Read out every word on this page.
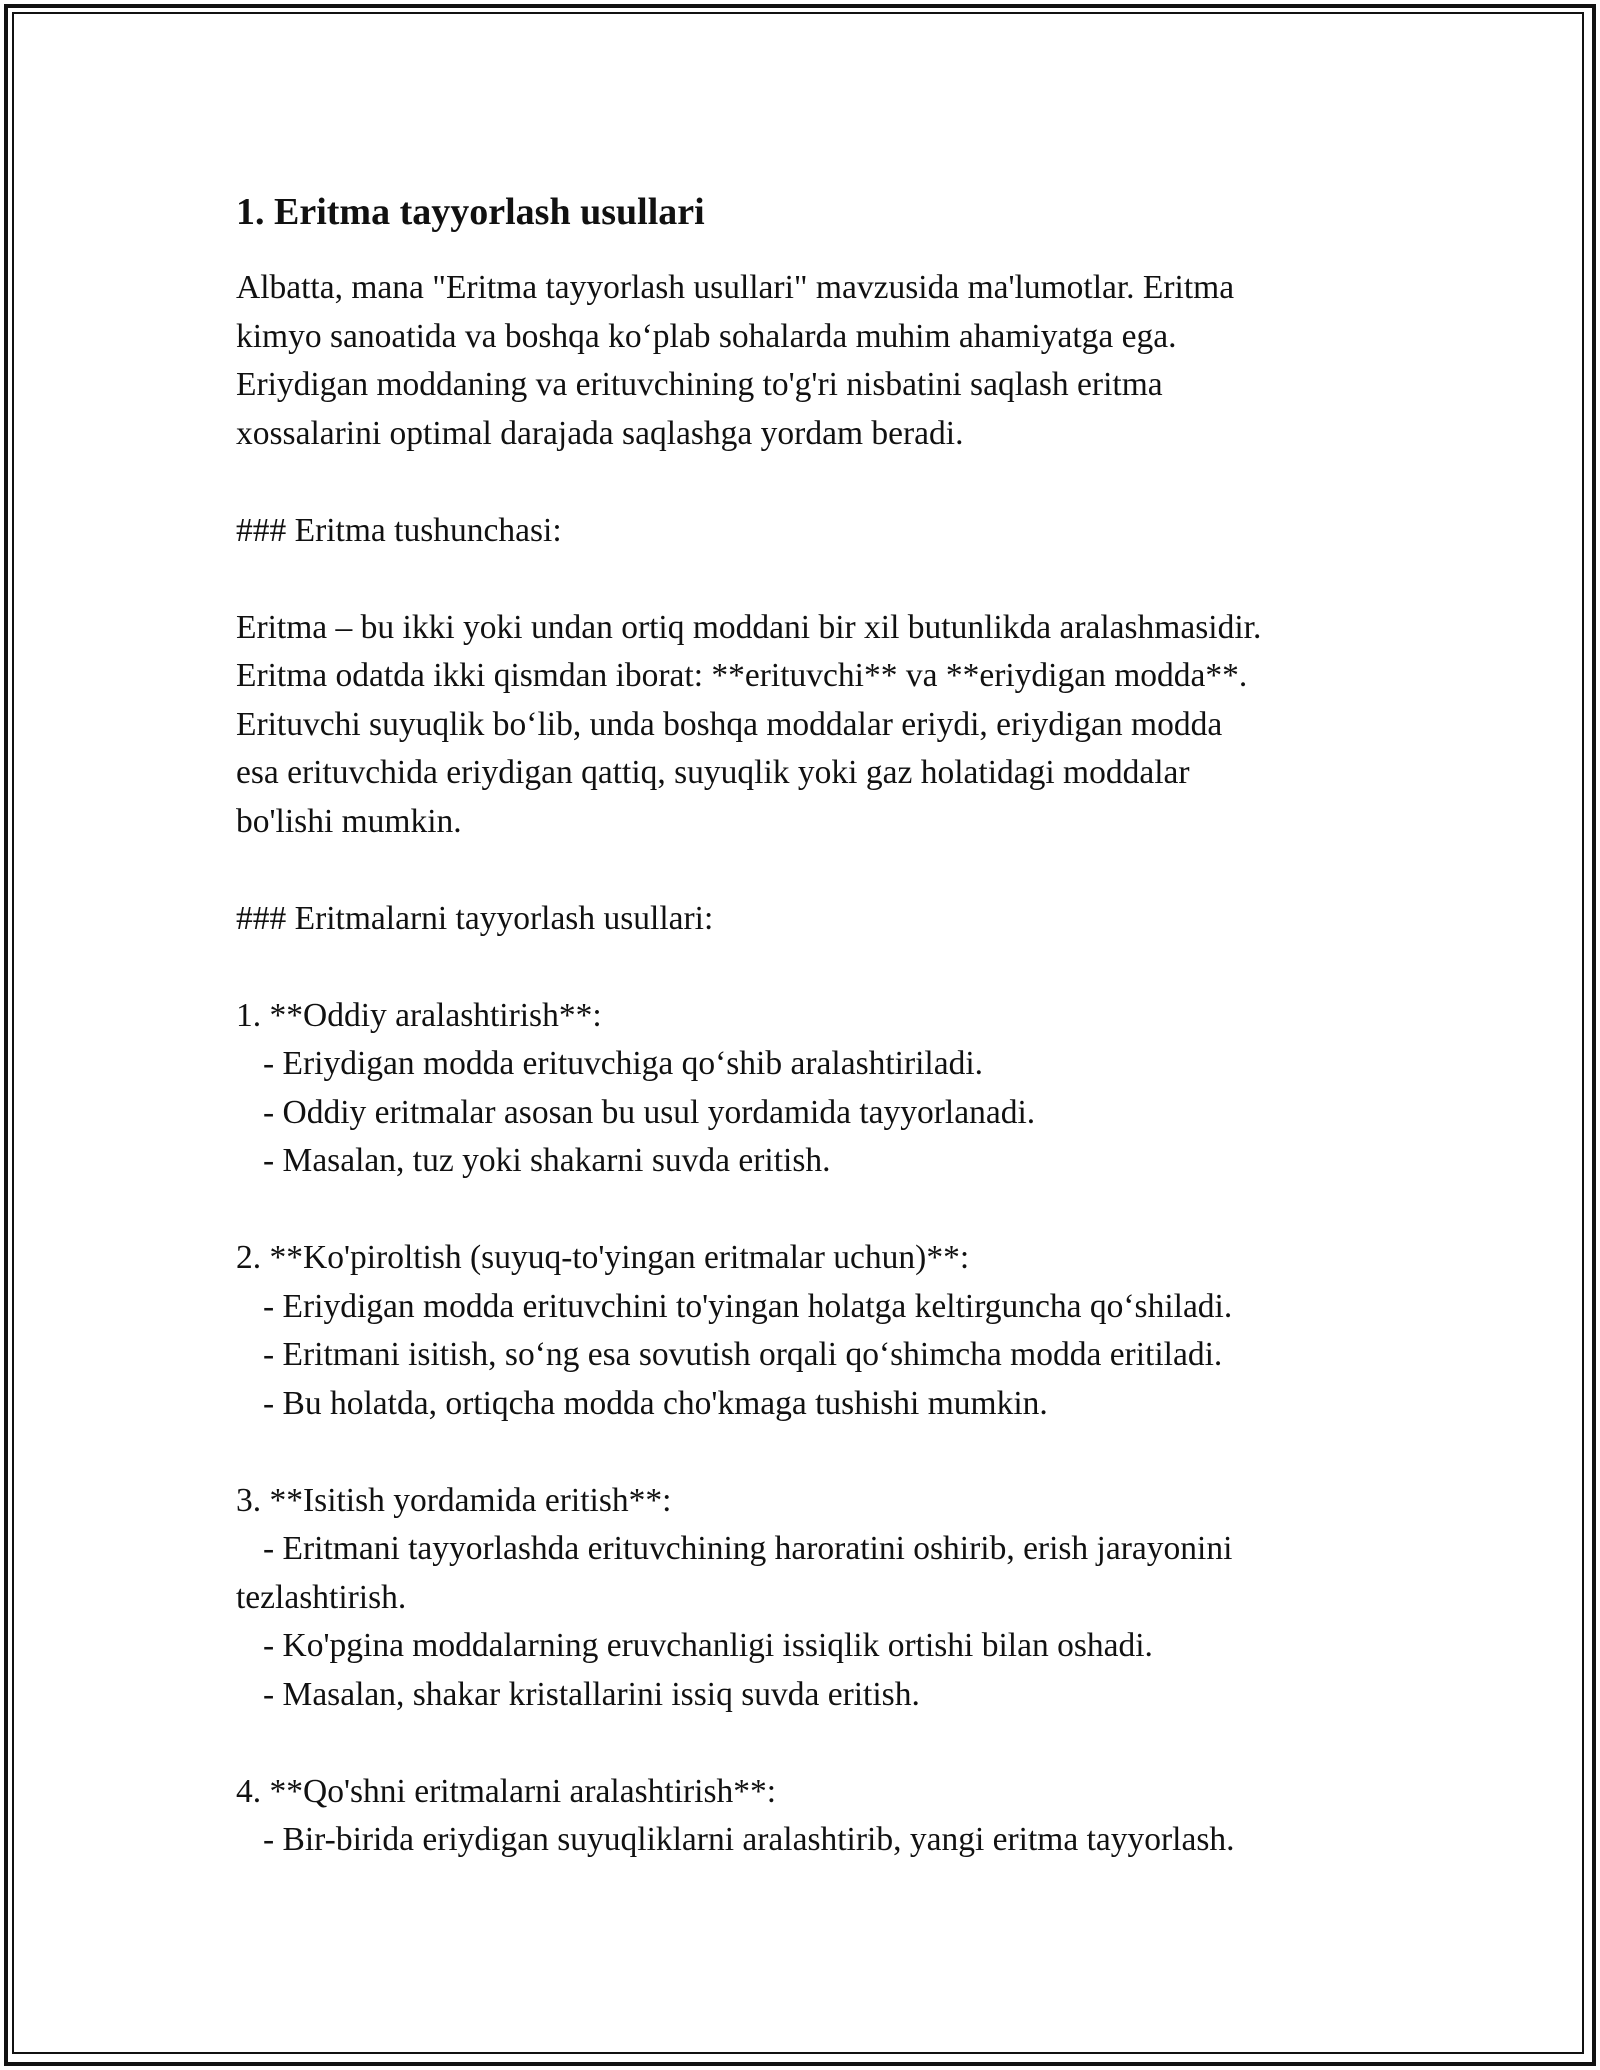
1. Eritma tayyorlash usullari
Albatta, mana "Eritma tayyorlash usullari" mavzusida ma'lumotlar. Eritma
kimyo sanoatida va boshqa ko‘plab sohalarda muhim ahamiyatga ega.
Eriydigan moddaning va erituvchining to'g'ri nisbatini saqlash eritma
xossalarini optimal darajada saqlashga yordam beradi.
### Eritma tushunchasi:
Eritma – bu ikki yoki undan ortiq moddani bir xil butunlikda aralashmasidir.
Eritma odatda ikki qismdan iborat: **erituvchi** va **eriydigan modda**.
Erituvchi suyuqlik bo‘lib, unda boshqa moddalar eriydi, eriydigan modda
esa erituvchida eriydigan qattiq, suyuqlik yoki gaz holatidagi moddalar
bo'lishi mumkin.
### Eritmalarni tayyorlash usullari:
1. **Oddiy aralashtirish**:
- Eriydigan modda erituvchiga qo‘shib aralashtiriladi.
- Oddiy eritmalar asosan bu usul yordamida tayyorlanadi.
- Masalan, tuz yoki shakarni suvda eritish.
2. **Ko'piroltish (suyuq-to'yingan eritmalar uchun)**:
- Eriydigan modda erituvchini to'yingan holatga keltirguncha qo‘shiladi.
- Eritmani isitish, so‘ng esa sovutish orqali qo‘shimcha modda eritiladi.
- Bu holatda, ortiqcha modda cho'kmaga tushishi mumkin.
3. **Isitish yordamida eritish**:
- Eritmani tayyorlashda erituvchining haroratini oshirib, erish jarayonini
tezlashtirish.
- Ko'pgina moddalarning eruvchanligi issiqlik ortishi bilan oshadi.
- Masalan, shakar kristallarini issiq suvda eritish.
4. **Qo'shni eritmalarni aralashtirish**:
- Bir-birida eriydigan suyuqliklarni aralashtirib, yangi eritma tayyorlash.
